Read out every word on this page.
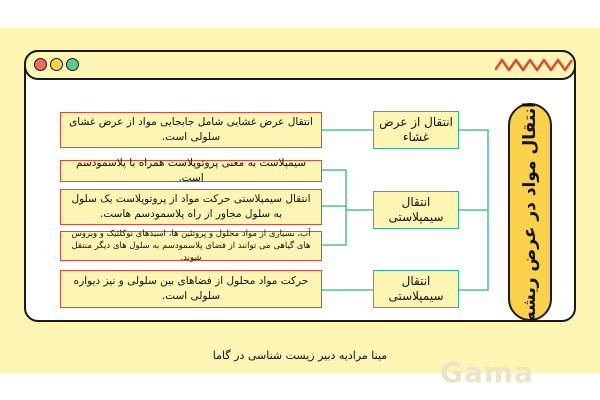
انتقال مواد در عرض ریشه
انتقال از عرض غشاء
انتقال سیمپلاستی
انتقال سیمپلاستی
انتقال عرض غشایی شامل جابجایی مواد از عرض غشای سلولی است.
سیمپلاست به معنی پروتوپلاست همراه با پلاسمودسم است.
انتقال سیمپلاستی حرکت مواد از پروتوپلاست یک سلول به سلول مجاور از راه پلاسمودسم هاست.
آب، بسیاری از مواد محلول و پروتئین ها، اسیدهای نوکلئیک و ویروس های گیاهی می توانند از فضای پلاسمودسم به سلول های دیگر منتقل شوند.
حرکت مواد محلول از فضاهای بین سلولی و نیز دیواره سلولی است.
مینا مرادیه دبیر زیست شناسی در گاما
Gama
